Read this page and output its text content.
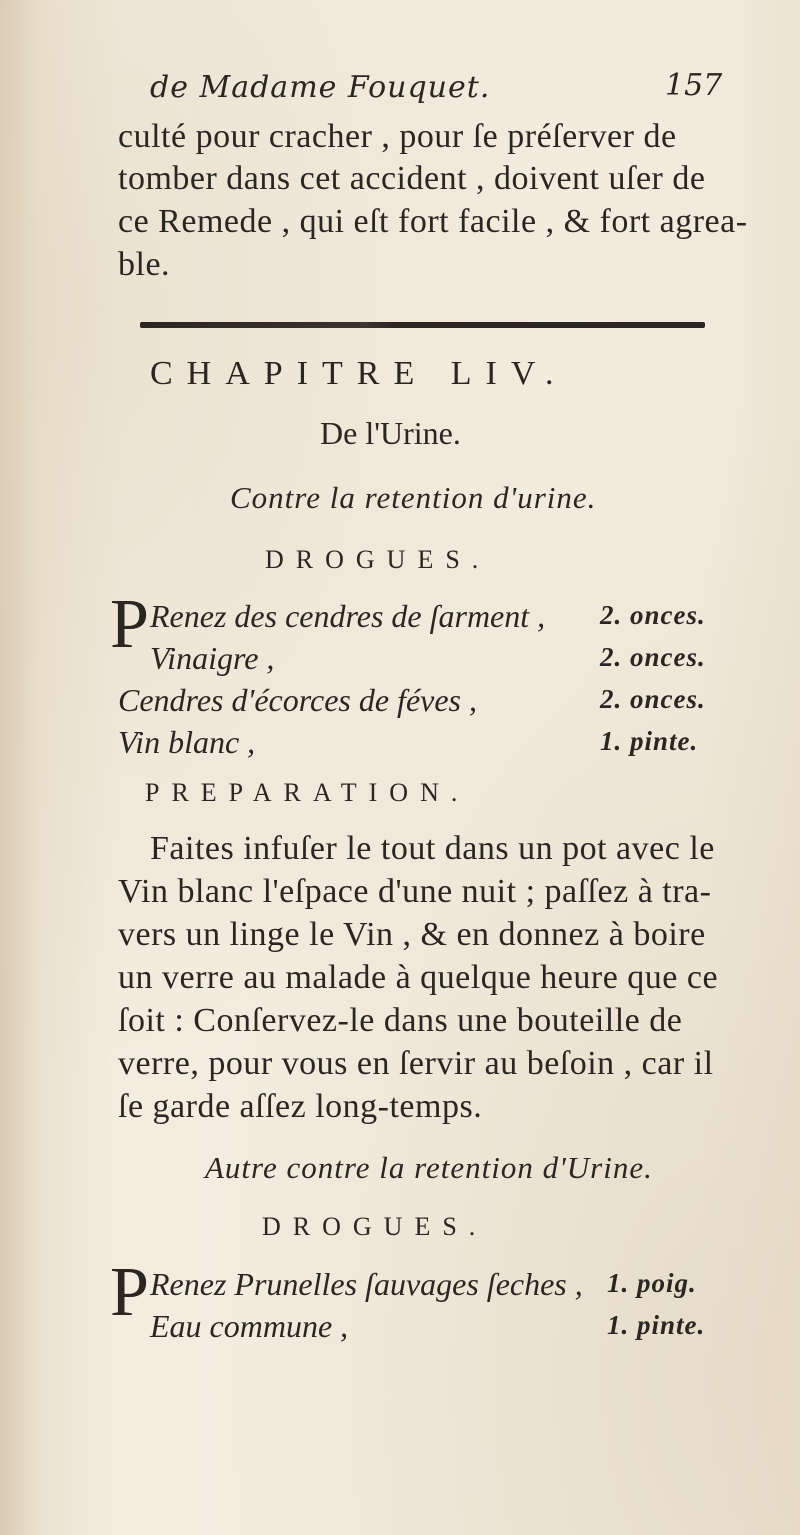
de Madame Fouquet.	157
culté pour cracher , pour ſe préſerver de
tomber dans cet accident , doivent uſer de
ce Remede , qui eſt fort facile , & fort agrea-
ble.
CHAPITRE LIV.
De l'Urine.
Contre la retention d'urine.
DROGUES.
P Renez des cendres de ſarment , 2. onces.
Vinaigre ,	2. onces.
Cendres d'écorces de féves ,	2. onces.
Vin blanc ,	1. pinte.
PREPARATION.
Faites infuſer le tout dans un pot avec le
Vin blanc l'eſpace d'une nuit ; paſſez à tra-
vers un linge le Vin , & en donnez à boire
un verre au malade à quelque heure que ce
ſoit : Conſervez-le dans une bouteille de
verre, pour vous en ſervir au beſoin , car il
ſe garde aſſez long-temps.
Autre contre la retention d'Urine.
DROGUES.
P Renez Prunelles ſauvages ſeches , 1. poig.
Eau commune ,	1. pinte.
